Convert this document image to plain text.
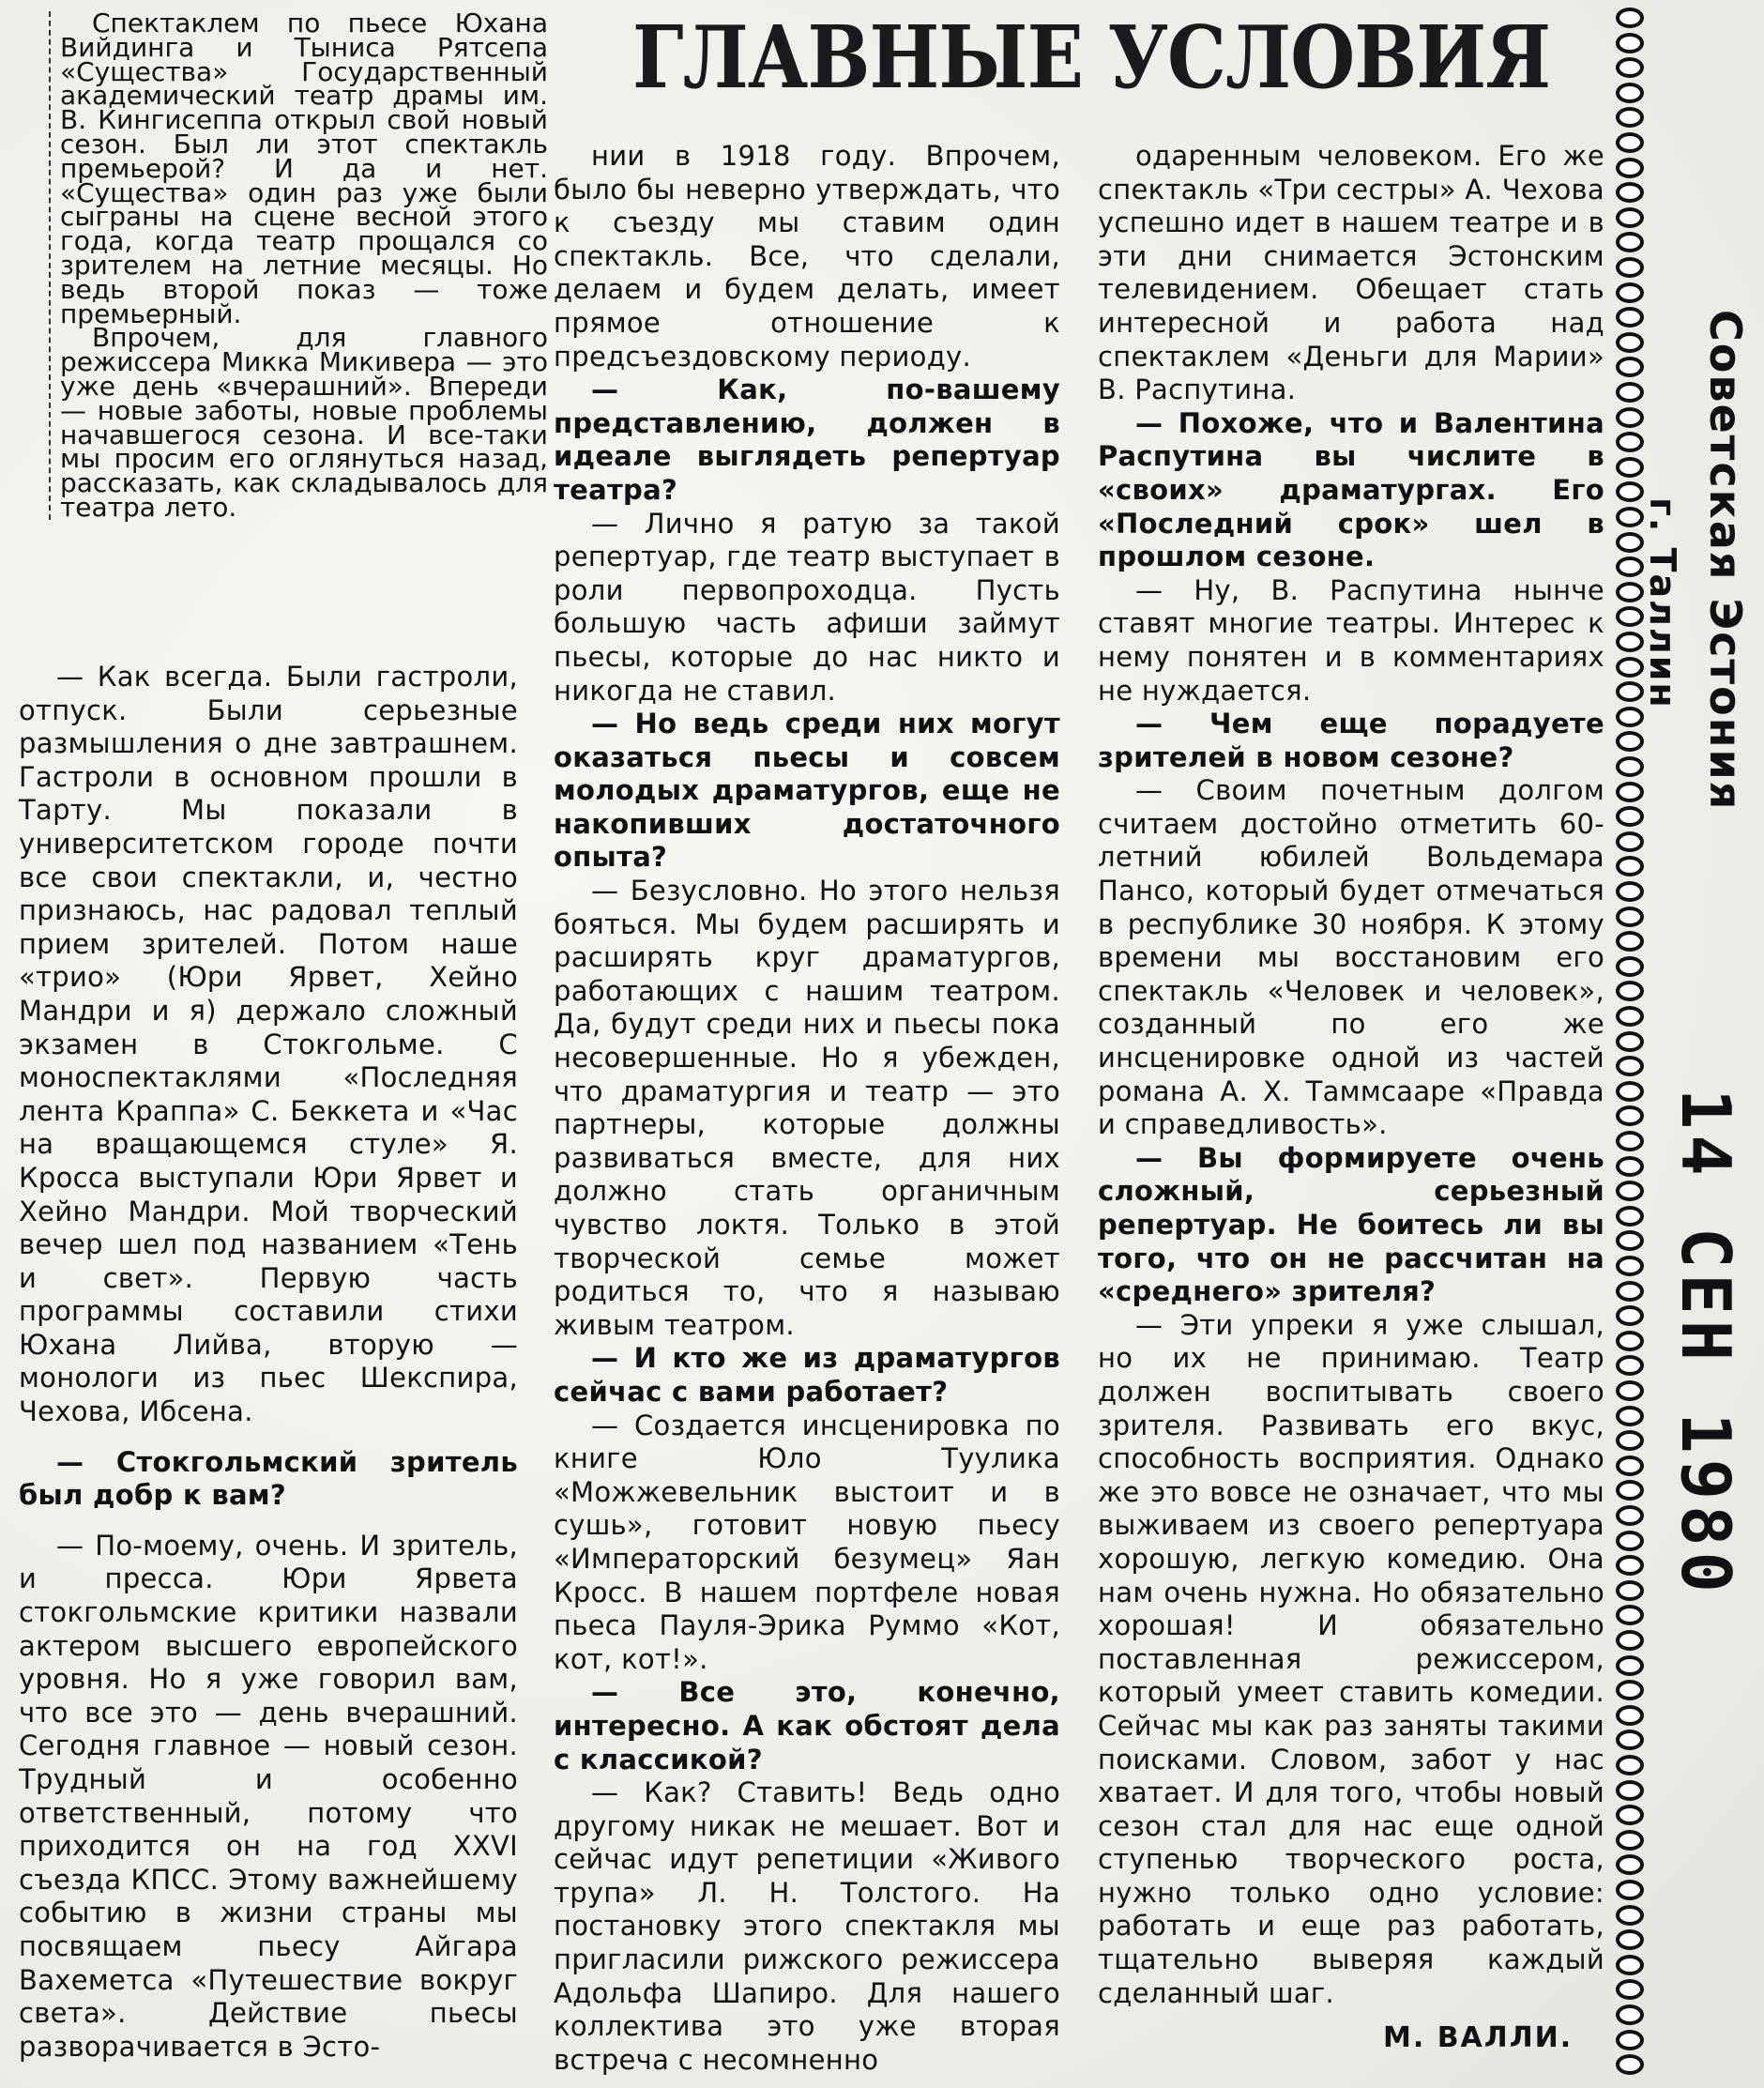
ГЛАВНЫЕ УСЛОВИЯ

Спектаклем по пьесе Юхана Вийдинга и Тыниса Рятсепа «Существа» Государственный академический театр драмы им. В. Кингисеппа открыл свой новый сезон. Был ли этот спектакль премьерой? И да и нет. «Существа» один раз уже были сыграны на сцене весной этого года, когда театр прощался со зрителем на летние месяцы. Но ведь второй показ — тоже премьерный.

Впрочем, для главного режиссера Микка Микивера — это уже день «вчерашний». Впереди — новые заботы, новые проблемы начавшегося сезона. И все-таки мы просим его оглянуться назад, рассказать, как складывалось для театра лето.

— Как всегда. Были гастроли, отпуск. Были серьезные размышления о дне завтрашнем. Гастроли в основном прошли в Тарту. Мы показали в университетском городе почти все свои спектакли, и, честно признаюсь, нас радовал теплый прием зрителей. Потом наше «трио» (Юри Ярвет, Хейно Мандри и я) держало сложный экзамен в Стокгольме. С моноспектаклями «Последняя лента Краппа» С. Беккета и «Час на вращающемся стуле» Я. Кросса выступали Юри Ярвет и Хейно Мандри. Мой творческий вечер шел под названием «Тень и свет». Первую часть программы составили стихи Юхана Лийва, вторую — монологи из пьес Шекспира, Чехова, Ибсена.

— Стокгольмский зритель был добр к вам?

— По-моему, очень. И зритель, и пресса. Юри Ярвета стокгольмские критики назвали актером высшего европейского уровня. Но я уже говорил вам, что все это — день вчерашний. Сегодня главное — новый сезон. Трудный и особенно ответственный, потому что приходится он на год XXVI съезда КПСС. Этому важнейшему событию в жизни страны мы посвящаем пьесу Айгара Вахеметса «Путешествие вокруг света». Действие пьесы разворачивается в Эсто-

нии в 1918 году. Впрочем, было бы неверно утверждать, что к съезду мы ставим один спектакль. Все, что сделали, делаем и будем делать, имеет прямое отношение к предсъездовскому периоду.

— Как, по-вашему представлению, должен в идеале выглядеть репертуар театра?

— Лично я ратую за такой репертуар, где театр выступает в роли первопроходца. Пусть большую часть афиши займут пьесы, которые до нас никто и никогда не ставил.

— Но ведь среди них могут оказаться пьесы и совсем молодых драматургов, еще не накопивших достаточного опыта?

— Безусловно. Но этого нельзя бояться. Мы будем расширять и расширять круг драматургов, работающих с нашим театром. Да, будут среди них и пьесы пока несовершенные. Но я убежден, что драматургия и театр — это партнеры, которые должны развиваться вместе, для них должно стать органичным чувство локтя. Только в этой творческой семье может родиться то, что я называю живым театром.

— И кто же из драматургов сейчас с вами работает?

— Создается инсценировка по книге Юло Туулика «Можжевельник выстоит и в сушь», готовит новую пьесу «Императорский безумец» Яан Кросс. В нашем портфеле новая пьеса Пауля-Эрика Руммо «Кот, кот, кот!».

— Все это, конечно, интересно. А как обстоят дела с классикой?

— Как? Ставить! Ведь одно другому никак не мешает. Вот и сейчас идут репетиции «Живого трупа» Л. Н. Толстого. На постановку этого спектакля мы пригласили рижского режиссера Адольфа Шапиро. Для нашего коллектива это уже вторая встреча с несомненно

одаренным человеком. Его же спектакль «Три сестры» А. Чехова успешно идет в нашем театре и в эти дни снимается Эстонским телевидением. Обещает стать интересной и работа над спектаклем «Деньги для Марии» В. Распутина.

— Похоже, что и Валентина Распутина вы числите в «своих» драматургах. Его «Последний срок» шел в прошлом сезоне.

— Ну, В. Распутина нынче ставят многие театры. Интерес к нему понятен и в комментариях не нуждается.

— Чем еще порадуете зрителей в новом сезоне?

— Своим почетным долгом считаем достойно отметить 60-летний юбилей Вольдемара Пансо, который будет отмечаться в республике 30 ноября. К этому времени мы восстановим его спектакль «Человек и человек», созданный по его же инсценировке одной из частей романа А. Х. Таммсааре «Правда и справедливость».

— Вы формируете очень сложный, серьезный репертуар. Не боитесь ли вы того, что он не рассчитан на «среднего» зрителя?

— Эти упреки я уже слышал, но их не принимаю. Театр должен воспитывать своего зрителя. Развивать его вкус, способность восприятия. Однако же это вовсе не означает, что мы выживаем из своего репертуара хорошую, легкую комедию. Она нам очень нужна. Но обязательно хорошая! И обязательно поставленная режиссером, который умеет ставить комедии. Сейчас мы как раз заняты такими поисками. Словом, забот у нас хватает. И для того, чтобы новый сезон стал для нас еще одной ступенью творческого роста, нужно только одно условие: работать и еще раз работать, тщательно выверяя каждый сделанный шаг.

М. ВАЛЛИ.
Советская Эстония
г. Таллин
14 СЕН 1980
